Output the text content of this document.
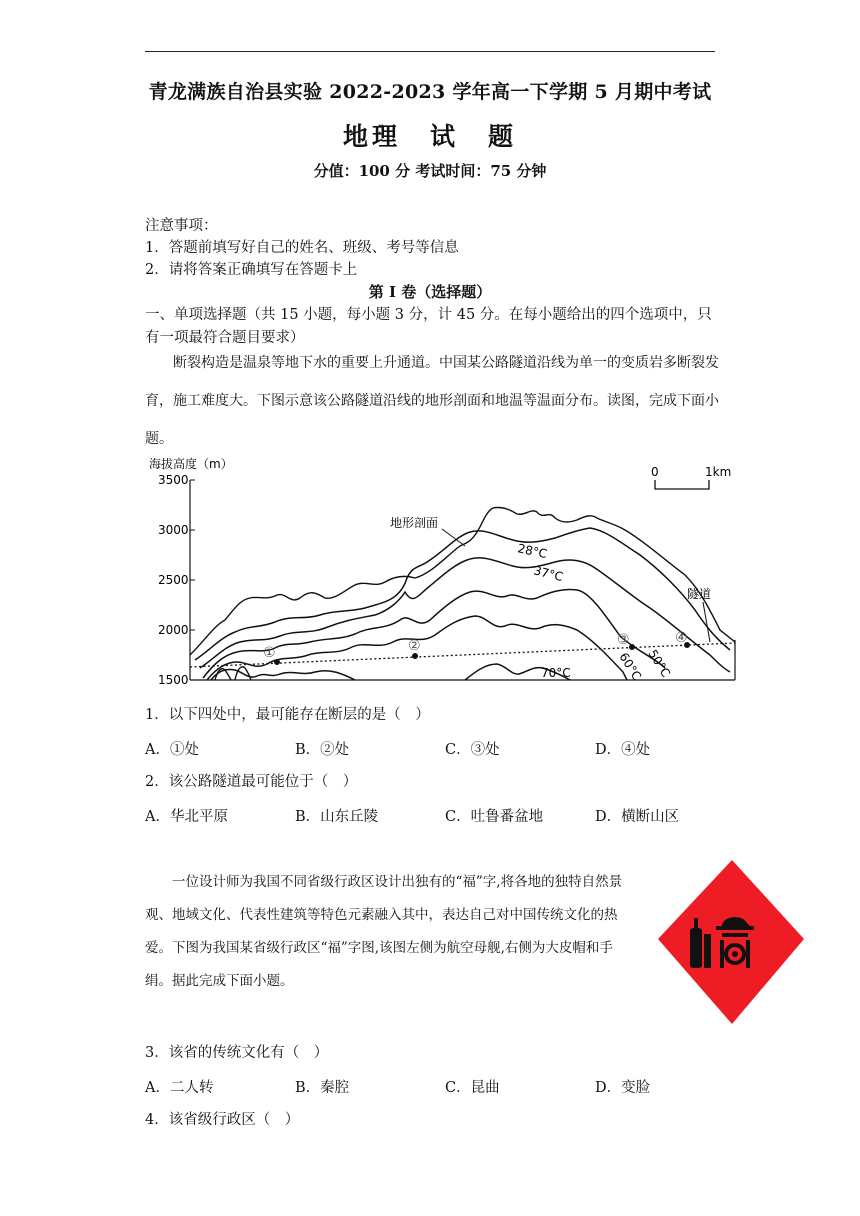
青龙满族自治县实验 2022-2023 学年高一下学期 5 月期中考试
地理　试　题
分值：100 分 考试时间：75 分钟
注意事项：
1．答题前填写好自己的姓名、班级、考号等信息
2．请将答案正确填写在答题卡上
第 I 卷（选择题）
一、单项选择题（共 15 小题，每小题 3 分，计 45 分。在每小题给出的四个选项中，只
有一项最符合题目要求）
断裂构造是温泉等地下水的重要上升通道。中国某公路隧道沿线为单一的变质岩多断裂发育，施工难度大。下图示意该公路隧道沿线的地形剖面和地温等温面分布。读图，完成下面小题。
海拔高度（m）
3500
3000
2500
2000
1500
0	1km
①	②	③	④
地形剖面
隧道
28°C
37°C
50°C
60°C
70°C
1．以下四处中，最可能存在断层的是（　）
A．①处	B．②处	C．③处	D．④处
2．该公路隧道最可能位于（　）
A．华北平原	B．山东丘陵	C．吐鲁番盆地	D．横断山区
一位设计师为我国不同省级行政区设计出独有的“福”字,将各地的独特自然景观、地域文化、代表性建筑等特色元素融入其中，表达自己对中国传统文化的热爱。下图为我国某省级行政区“福”字图,该图左侧为航空母舰,右侧为大皮帽和手绢。据此完成下面小题。
3．该省的传统文化有（　）
A．二人转	B．秦腔	C．昆曲	D．变脸
4．该省级行政区（　）
